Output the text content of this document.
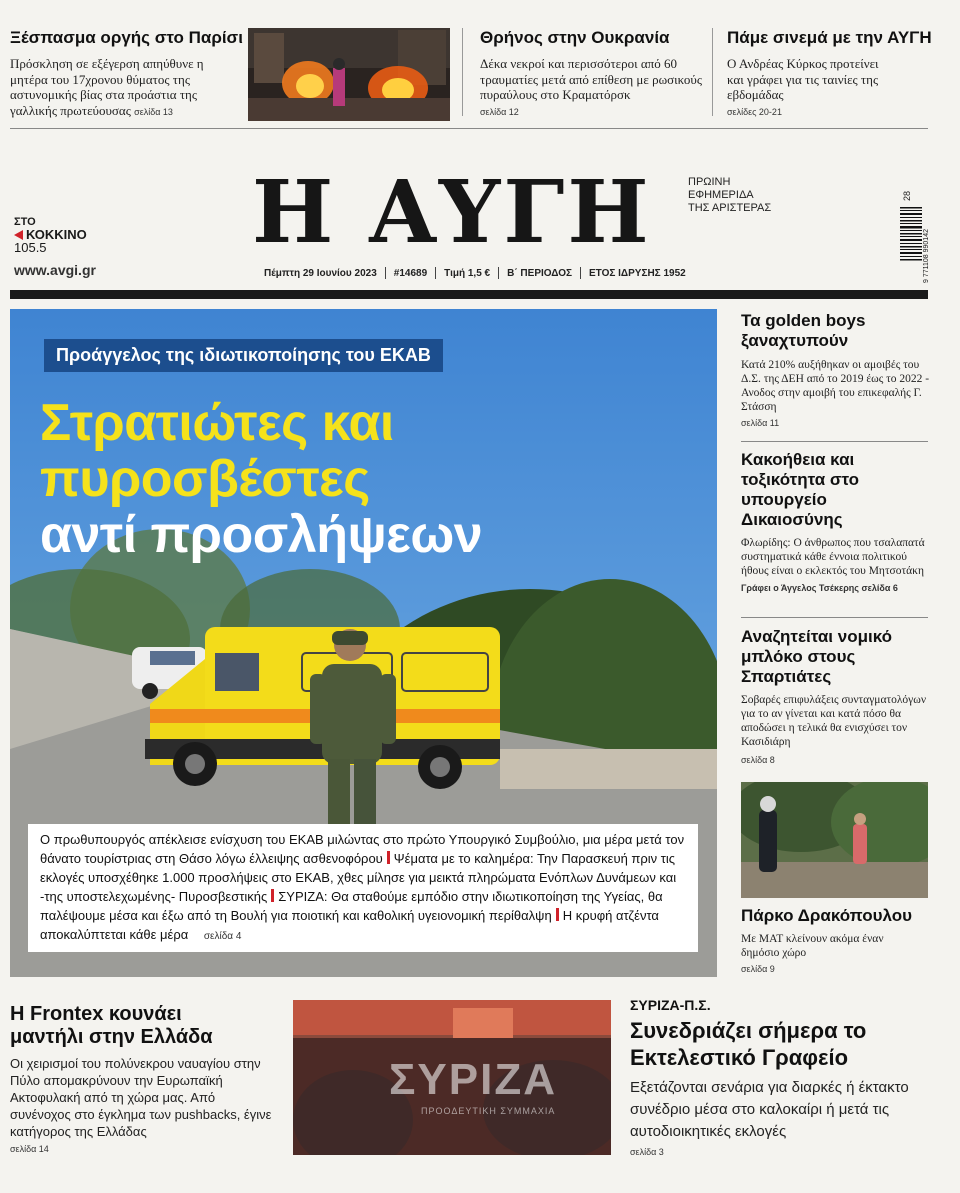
Ξέσπασμα οργής στο Παρίσι
Πρόσκληση σε εξέγερση απηύθυνε η μητέρα του 17χρονου θύματος της αστυνομικής βίας στα προάστια της γαλλικής πρωτεύουσας σελίδα 13
Θρήνος στην Ουκρανία
Δέκα νεκροί και περισσότεροι από 60 τραυματίες μετά από επίθεση με ρωσικούς πυραύλους στο Κραματόρσκ
σελίδα 12
Πάμε σινεμά με την ΑΥΓΗ
Ο Ανδρέας Κύρκος προτείνει και γράφει για τις ταινίες της εβδομάδας
σελίδες 20-21
ΣΤΟ
ΚΟΚΚΙΝΟ
105.5
www.avgi.gr
Η ΑΥΓΗ	ΠΡΩΙΝΗ
ΕΦΗΜΕΡΙΔΑ
ΤΗΣ ΑΡΙΣΤΕΡΑΣ
28
9 771108 990142
Πέμπτη 29 Ιουνίου 2023 #14689 Τιμή 1,5 € Β΄ ΠΕΡΙΟΔΟΣ ΕΤΟΣ ΙΔΡΥΣΗΣ 1952
Προάγγελος της ιδιωτικοποίησης του ΕΚΑΒ
Στρατιώτες και
πυροσβέστες
αντί προσλήψεων
Ο πρωθυπουργός απέκλεισε ενίσχυση του ΕΚΑΒ μιλώντας στο πρώτο Υπουργικό Συμβούλιο, μια μέρα μετά τον θάνατο τουρίστριας στη Θάσο λόγω έλλειψης ασθενοφόρου Ψέματα με το καλημέρα: Την Παρασκευή πριν τις εκλογές υποσχέθηκε 1.000 προσλήψεις στο ΕΚΑΒ, χθες μίλησε για μεικτά πληρώματα Ενόπλων Δυνάμεων και -της υποστελεχωμένης- Πυροσβεστικής ΣΥΡΙΖΑ: Θα σταθούμε εμπόδιο στην ιδιωτικοποίηση της Υγείας, θα παλέψουμε μέσα και έξω από τη Βουλή για ποιοτική και καθολική υγειονομική περίθαλψη Η κρυφή ατζέντα αποκαλύπτεται κάθε μέρα σελίδα 4
Τα golden boys ξαναχτυπούν
Κατά 210% αυξήθηκαν οι αμοιβές του Δ.Σ. της ΔΕΗ από το 2019 έως το 2022 - Ανοδος στην αμοιβή του επικεφαλής Γ. Στάσση
σελίδα 11
Κακοήθεια και τοξικότητα στο υπουργείο Δικαιοσύνης
Φλωρίδης: Ο άνθρωπος που τσαλαπατά συστηματικά κάθε έννοια πολιτικού ήθους είναι ο εκλεκτός του Μητσοτάκη
Γράφει ο Άγγελος Τσέκερης σελίδα 6
Αναζητείται νομικό μπλόκο στους Σπαρτιάτες
Σοβαρές επιφυλάξεις συνταγματολόγων για το αν γίνεται και κατά πόσο θα αποδώσει η τελικά θα ενισχύσει τον Κασιδιάρη
σελίδα 8
Πάρκο Δρακόπουλου
Με ΜΑΤ κλείνουν ακόμα έναν δημόσιο χώρο
σελίδα 9
Η Frontex κουνάει μαντήλι στην Ελλάδα
Οι χειρισμοί του πολύνεκρου ναυαγίου στην Πύλο απομακρύνουν την Ευρωπαϊκή Ακτοφυλακή από τη χώρα μας. Από συνένοχος στο έγκλημα των pushbacks, έγινε κατήγορος της Ελλάδας
σελίδα 14
ΣΥΡΙΖΑ
ΠΡΟΟΔΕΥΤΙΚΗ ΣΥΜΜΑΧΙΑ
ΣΥΡΙΖΑ-Π.Σ.
Συνεδριάζει σήμερα το Εκτελεστικό Γραφείο
Εξετάζονται σενάρια για διαρκές ή έκτακτο συνέδριο μέσα στο καλοκαίρι ή μετά τις αυτοδιοικητικές εκλογές
σελίδα 3
